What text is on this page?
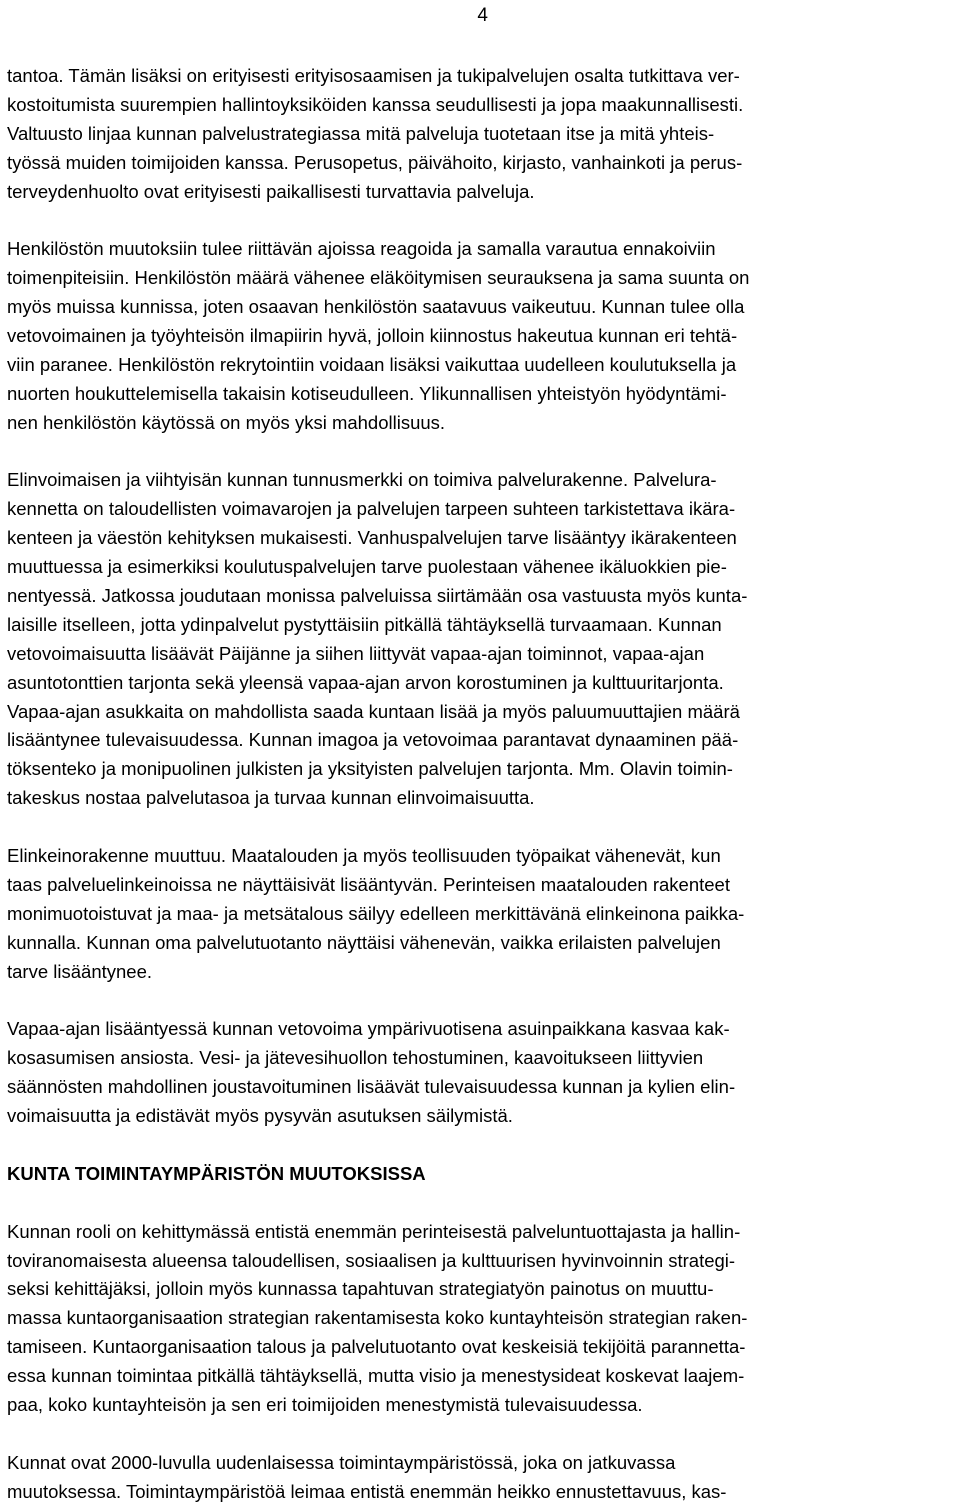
4
tantoa. Tämän lisäksi on erityisesti erityisosaamisen ja tukipalvelujen osalta tutkittava ver-
kostoitumista suurempien hallintoyksiköiden kanssa seudullisesti ja jopa maakunnallisesti.
Valtuusto linjaa kunnan palvelustrategiassa mitä palveluja tuotetaan itse ja mitä yhteis-
työssä muiden toimijoiden kanssa. Perusopetus, päivähoito, kirjasto, vanhainkoti ja perus-
terveydenhuolto ovat erityisesti paikallisesti turvattavia palveluja.
Henkilöstön muutoksiin tulee riittävän ajoissa reagoida ja samalla varautua ennakoiviin
toimenpiteisiin. Henkilöstön määrä vähenee eläköitymisen seurauksena ja sama suunta on
myös muissa kunnissa, joten osaavan henkilöstön saatavuus vaikeutuu. Kunnan tulee olla
vetovoimainen ja työyhteisön ilmapiirin hyvä, jolloin kiinnostus hakeutua kunnan eri tehtä-
viin paranee. Henkilöstön rekrytointiin voidaan lisäksi vaikuttaa uudelleen koulutuksella ja
nuorten houkuttelemisella takaisin kotiseudulleen. Ylikunnallisen yhteistyön hyödyntämi-
nen henkilöstön käytössä on myös yksi mahdollisuus.
Elinvoimaisen ja viihtyisän kunnan tunnusmerkki on toimiva palvelurakenne. Palvelura-
kennetta on taloudellisten voimavarojen ja palvelujen tarpeen suhteen tarkistettava ikära-
kenteen ja väestön kehityksen mukaisesti. Vanhuspalvelujen tarve lisääntyy ikärakenteen
muuttuessa ja esimerkiksi koulutuspalvelujen tarve puolestaan vähenee ikäluokkien pie-
nentyessä. Jatkossa joudutaan monissa palveluissa siirtämään osa vastuusta myös kunta-
laisille itselleen, jotta ydinpalvelut pystyttäisiin pitkällä tähtäyksellä turvaamaan. Kunnan
vetovoimaisuutta lisäävät Päijänne ja siihen liittyvät vapaa-ajan toiminnot, vapaa-ajan
asuntotonttien tarjonta sekä yleensä vapaa-ajan arvon korostuminen ja kulttuuritarjonta.
Vapaa-ajan asukkaita on mahdollista saada kuntaan lisää ja myös paluumuuttajien määrä
lisääntynee tulevaisuudessa. Kunnan imagoa ja vetovoimaa parantavat dynaaminen pää-
töksenteko ja monipuolinen julkisten ja yksityisten palvelujen tarjonta. Mm. Olavin toimin-
takeskus nostaa palvelutasoa ja turvaa kunnan elinvoimaisuutta.
Elinkeinorakenne muuttuu. Maatalouden ja myös teollisuuden työpaikat vähenevät, kun
taas palveluelinkeinoissa ne näyttäisivät lisääntyvän. Perinteisen maatalouden rakenteet
monimuotoistuvat ja maa- ja metsätalous säilyy edelleen merkittävänä elinkeinona paikka-
kunnalla. Kunnan oma palvelutuotanto näyttäisi vähenevän, vaikka erilaisten palvelujen
tarve lisääntynee.
Vapaa-ajan lisääntyessä kunnan vetovoima ympärivuotisena asuinpaikkana kasvaa kak-
kosasumisen ansiosta. Vesi- ja jätevesihuollon tehostuminen, kaavoitukseen liittyvien
säännösten mahdollinen joustavoituminen lisäävät tulevaisuudessa kunnan ja kylien elin-
voimaisuutta ja edistävät myös pysyvän asutuksen säilymistä.
KUNTA TOIMINTAYMPÄRISTÖN MUUTOKSISSA
Kunnan rooli on kehittymässä entistä enemmän perinteisestä palveluntuottajasta ja hallin-
toviranomaisesta alueensa taloudellisen, sosiaalisen ja kulttuurisen hyvinvoinnin strategi-
seksi kehittäjäksi, jolloin myös kunnassa tapahtuvan strategiatyön painotus on muuttu-
massa kuntaorganisaation strategian rakentamisesta koko kuntayhteisön strategian raken-
tamiseen. Kuntaorganisaation talous ja palvelutuotanto ovat keskeisiä tekijöitä parannetta-
essa kunnan toimintaa pitkällä tähtäyksellä, mutta visio ja menestysideat koskevat laajem-
paa, koko kuntayhteisön ja sen eri toimijoiden menestymistä tulevaisuudessa.
Kunnat ovat 2000-luvulla uudenlaisessa toimintaympäristössä, joka on jatkuvassa
muutoksessa. Toimintaympäristöä leimaa entistä enemmän heikko ennustettavuus, kas-
